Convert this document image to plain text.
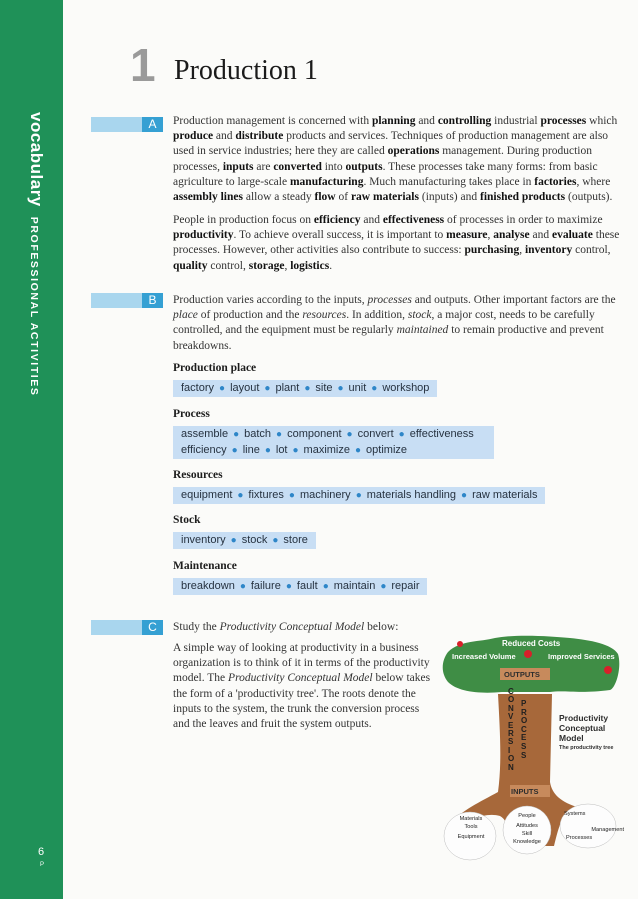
vocabularyPROFESSIONAL ACTIVITIES
6
P
1 Production 1
A	Production management is concerned with planning and controlling industrial processes which produce and distribute products and services. Techniques of production management are also used in service industries; here they are called operations management. During production processes, inputs are converted into outputs. These processes take many forms: from basic agriculture to large-scale manufacturing. Much manufacturing takes place in factories, where assembly lines allow a steady flow of raw materials (inputs) and finished products (outputs).

People in production focus on efficiency and effectiveness of processes in order to maximize productivity. To achieve overall success, it is important to measure, analyse and evaluate these processes. However, other activities also contribute to success: purchasing, inventory control, quality control, storage, logistics.

B	Production varies according to the inputs, processes and outputs. Other important factors are the place of production and the resources. In addition, stock, a major cost, needs to be carefully controlled, and the equipment must be regularly maintained to remain productive and prevent breakdowns.

Production place
factory ● layout ● plant ● site ● unit ● workshop
Process
assemble ● batch ● component ● convert ● effectiveness
efficiency ● line ● lot ● maximize ● optimize
Resources
equipment ● fixtures ● machinery ● materials handling ● raw materials
Stock
inventory ● stock ● store
Maintenance
breakdown ● failure ● fault ● maintain ● repair
C	Study the Productivity Conceptual Model below:

A simple way of looking at productivity in a business organization is to think of it in terms of the productivity model. The Productivity Conceptual Model below takes the form of a 'productivity tree'. The roots denote the inputs to the system, the trunk the conversion process and the leaves and fruit the system outputs.

Reduced Costs
Increased Volume	Improved Services
OUTPUTS
C
O
N
V
E
R
S
I
O
N
P
R
O
C
E
S
S
INPUTS
Productivity
Conceptual
Model
The productivity tree
Materials
Tools
Equipment
People
Attitudes
Skill
Knowledge
Systems
Management
Processes
